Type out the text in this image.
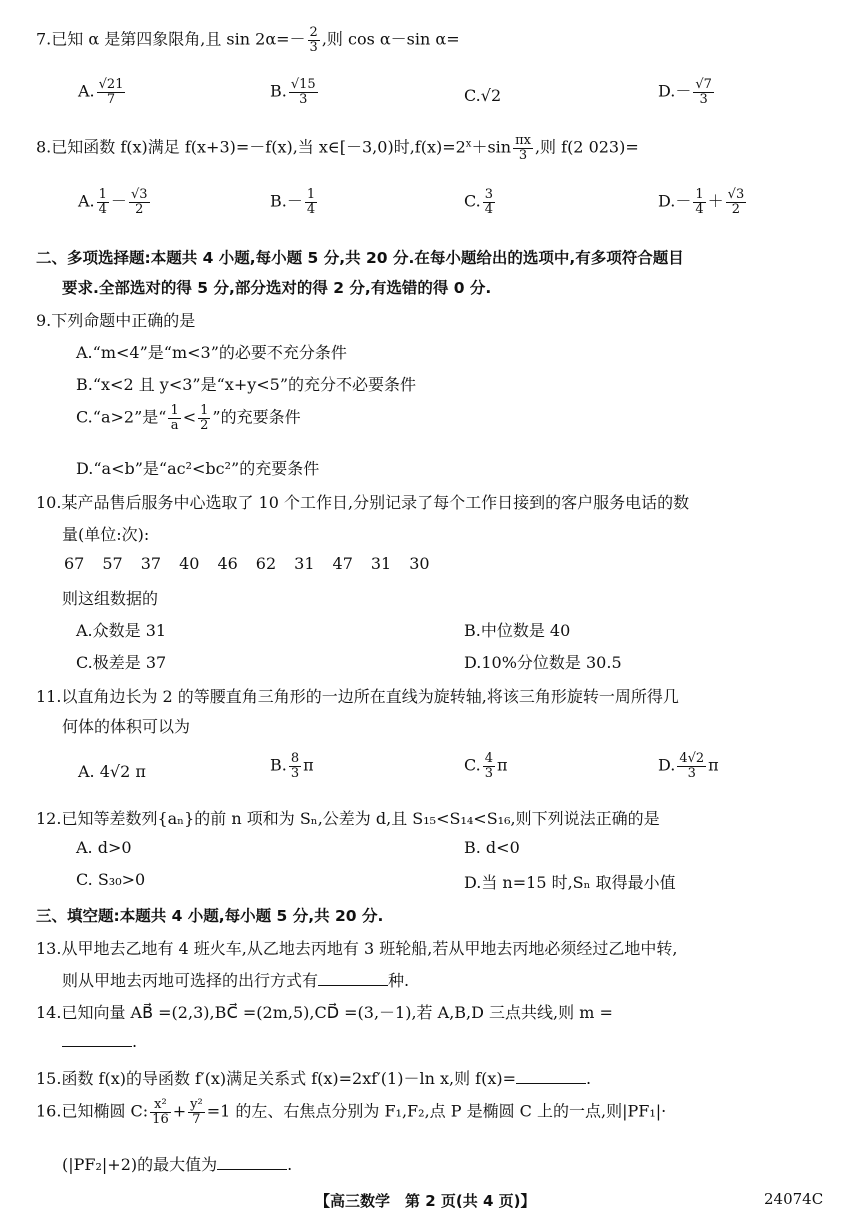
7.已知 α 是第四象限角,且 $\sin 2\alpha=- \frac{2}{3}$ ,则 cos α－sin α=
A. $\frac{√21}{7}$	B. $\frac{√15}{3}$	C.√2	$D.- \frac{√7}{3}$
8.已知函数 f(x)满足 f(x+3)=－f(x),当 x∈[－3,0)时$,f(x)=2^x+\sin \frac{\pi x}{3}$ ,则 f(2 023)=
A. $\frac{1}{4} - \frac{√3}{2}$	$B.- \frac{1}{4}$	C. $\frac{3}{4}$	$D.- \frac{1}{4} + \frac{√3}{2}$
二、多项选择题:本题共 4 小题,每小题 5 分,共 20 分.在每小题给出的选项中,有多项符合题目
要求.全部选对的得 5 分,部分选对的得 2 分,有选错的得 0 分.
9.下列命题中正确的是
A.“m<4”是“m<3”的必要不充分条件
B.“x<2 且 y<3”是“x+y<5”的充分不必要条件
C.“a>2”是“ $\frac{1}{a} < \frac{1}{2}$ ”的充要条件
D.“a<b”是“ac²<bc²”的充要条件
10.某产品售后服务中心选取了 10 个工作日,分别记录了每个工作日接到的客户服务电话的数
量(单位:次):
67 57 37 40 46 62 31 47 31 30
则这组数据的
A.众数是 31	B.中位数是 40
C.极差是 37	D.10%分位数是 30.5
11.以直角边长为 2 的等腰直角三角形的一边所在直线为旋转轴,将该三角形旋转一周所得几
何体的体积可以为
A. 4√2 π	B. $\frac{8}{3}$ π	C. $\frac{4}{3}$ π	D. $\frac{4√2}{3}$ π
12.已知等差数列{aₙ}的前 n 项和为 Sₙ,公差为 d,且 S₁₅<S₁₄<S₁₆,则下列说法正确的是
A. d>0	B. d<0
C. S₃₀>0	D.当 n=15 时,Sₙ 取得最小值
三、填空题:本题共 4 小题,每小题 5 分,共 20 分.
13.从甲地去乙地有 4 班火车,从乙地去丙地有 3 班轮船,若从甲地去丙地必须经过乙地中转,
则从甲地去丙地可选择的出行方式有	种.
14.已知向量 AB⃗ =(2,3),BC⃗ =(2m,5),CD⃗ =(3,－1),若 A,B,D 三点共线,则 m =
.
15.函数 f(x)的导函数 f′(x)满足关系式 f(x)=2xf′(1)－ln x,则 f(x)=	.
16.已知椭圆 C: $\frac{\text{x²}}{16} + \frac{\text{y²}}{7} =1$ 的左、右焦点分别为 F₁,F₂,点 P 是椭圆 C 上的一点,则|PF₁|·
(|PF₂|+2)的最大值为	.
【高三数学　第 2 页(共 4 页)】	24074C
